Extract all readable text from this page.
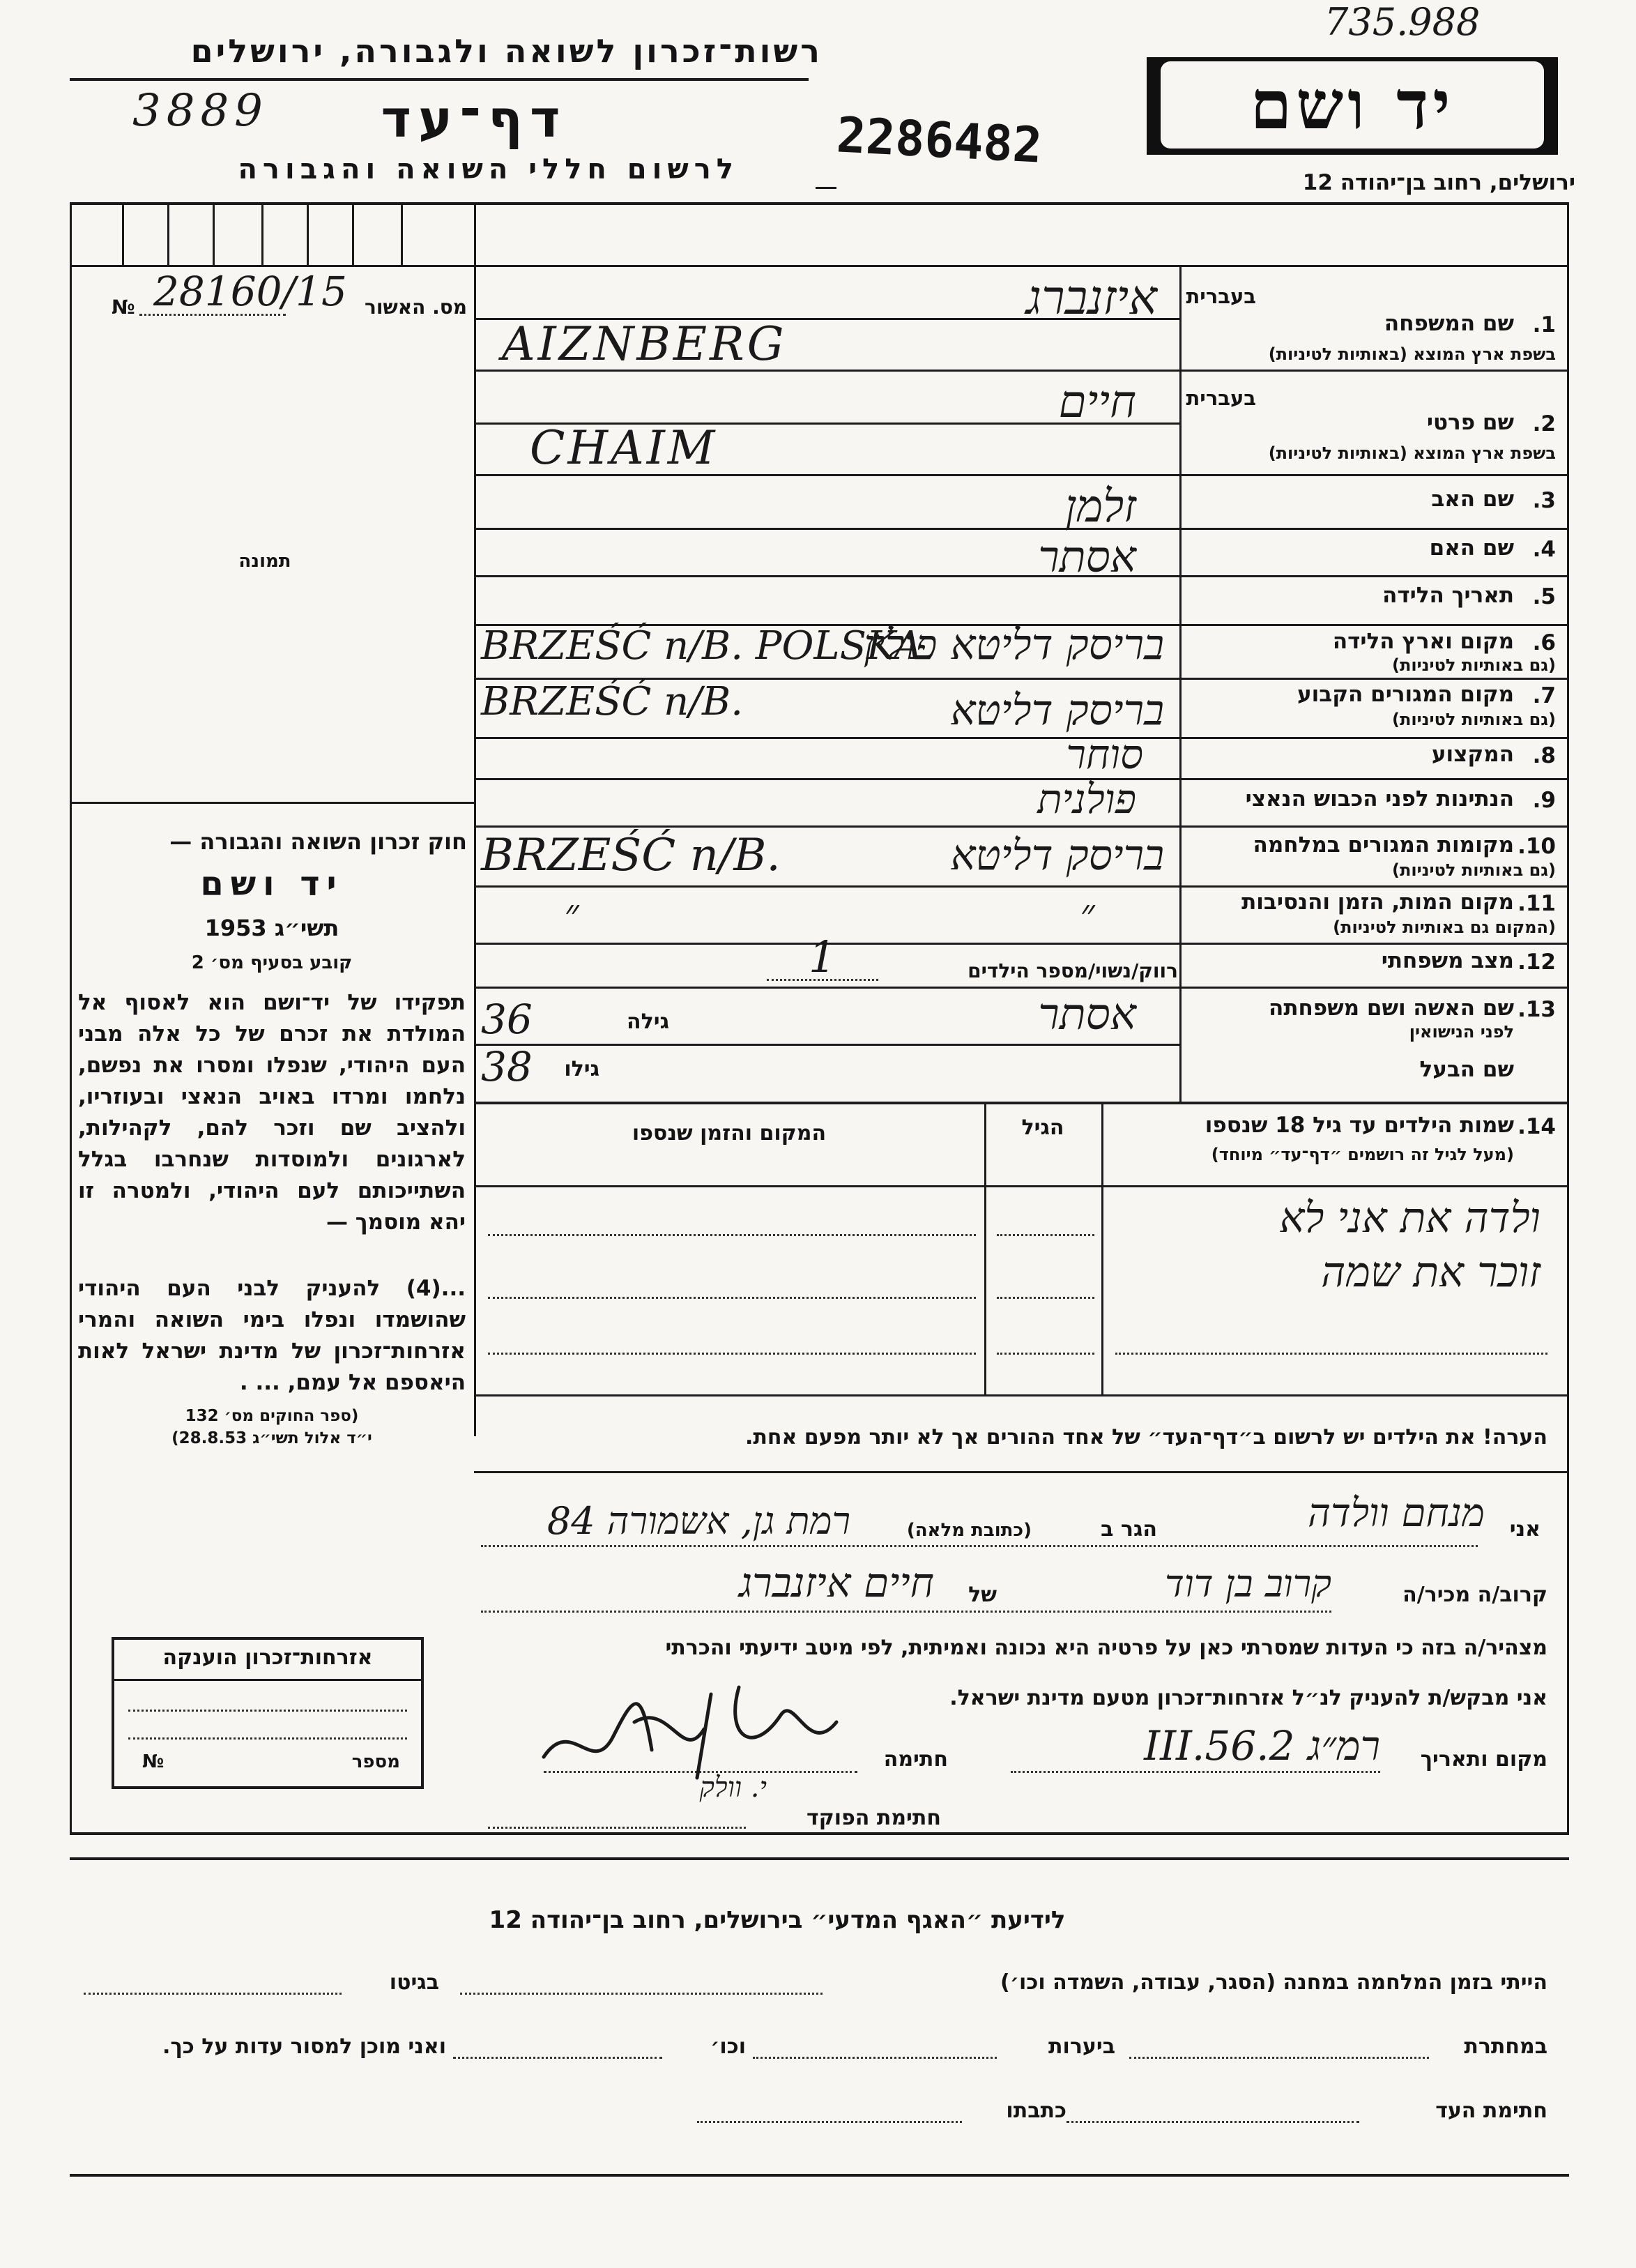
735.988
רשות־זכרון לשואה ולגבורה, ירושלים
דף־עד
3889
לרשום חללי השואה והגבורה 2286482	יד ושם
ירושלים, רחוב בן־יהודה 12
מס. האשור
№ 28160/15
תמונה
חוק זכרון השואה והגבורה —
יד ושם
תשי״ג 1953
קובע בסעיף מס׳ 2
תפקידו של יד־ושם הוא לאסוף אל המולדת את זכרם של כל אלה מבני העם היהודי, שנפלו ומסרו את נפשם, נלחמו ומרדו באויב הנאצי ובעוזריו, ולהציב שם וזכר להם, לקהילות, לארגונים ולמוסדות שנחרבו בגלל השתייכותם לעם היהודי, ולמטרה זו יהא מוסמך —
...(4) להעניק לבני העם היהודי שהושמדו ונפלו בימי השואה והמרי אזרחות־זכרון של מדינת ישראל לאות היאספם אל עמם, ... .
(ספר החוקים מס׳ 132
י״ד אלול תשי״ג 28.8.53)
בעברית
1.
שם המשפחה
בשפת ארץ המוצא (באותיות לטיניות)
איזנברג
AIZNBERG
בעברית
2.
שם פרטי
בשפת ארץ המוצא (באותיות לטיניות)
חיים
CHAIM
3.
שם האב
זלמן
4.
שם האם
אסתר
5.
תאריך הלידה
6.
מקום וארץ הלידה
(גם באותיות לטיניות)
בריסק דליטא פולין
BRZEŚĆ n/B. POLSKA
7.
מקום המגורים הקבוע
(גם באותיות לטיניות)
בריסק דליטא
BRZEŚĆ n/B.
8.
המקצוע
סוחר
9.
הנתינות לפני הכבוש הנאצי
פולנית
10.
מקומות המגורים במלחמה
(גם באותיות לטיניות)
בריסק דליטא
BRZEŚĆ n/B.
11.
מקום המות, הזמן והנסיבות
(המקום גם באותיות לטיניות)
״
״
12.
מצב משפחתי
רווק/נשוי/מספר הילדים
1
13.
שם האשה ושם משפחתה
לפני הנישואין
אסתר
גילה
36
שם הבעל
גילו
38
14.
שמות הילדים עד גיל 18 שנספו
(מעל לגיל זה רושמים ״דף־עד״ מיוחד)
הגיל
המקום והזמן שנספו
ולדה את אני לא
זוכר את שמה
הערה! את הילדים יש לרשום ב״דף־העד״ של אחד ההורים אך לא יותר מפעם אחת.
אני
מנחם וולדה
הגר ב
(כתובת מלאה)
רמת גן, אשמורה 84
קרוב/ה מכיר/ה
קרוב בן דוד
של
חיים איזנברג
מצהיר/ה בזה כי העדות שמסרתי כאן על פרטיה היא נכונה ואמיתית, לפי מיטב ידיעתי והכרתי
אני מבקש/ת להעניק לנ״ל אזרחות־זכרון מטעם מדינת ישראל.
מקום ותאריך
רמ״ג 2.III.56
חתימה
חתימת הפוקד
י. וולק
אזרחות־זכרון הוענקה
מספר
№
לידיעת ״האגף המדעי״ בירושלים, רחוב בן־יהודה 12
הייתי בזמן המלחמה במחנה (הסגר, עבודה, השמדה וכו׳)
בגיטו
במחתרת
ביערות
וכו׳
ואני מוכן למסור עדות על כך.
חתימת העד
כתבתו
